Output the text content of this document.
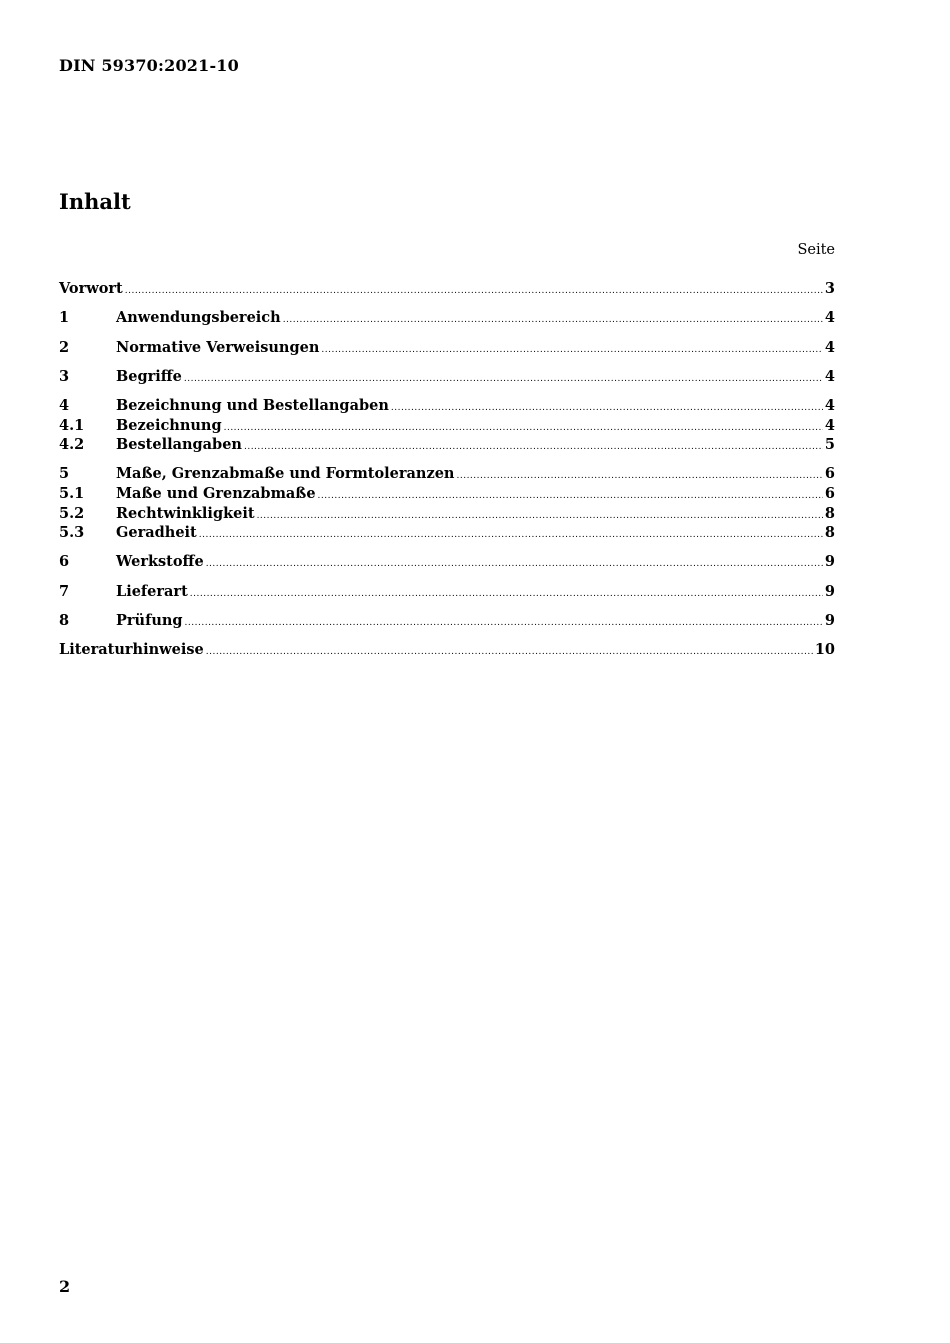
DIN 59370:2021-10
Inhalt
Seite
Vorwort .....	3
1	Anwendungsbereich .....	4
2	Normative Verweisungen .....	4
3	Begriffe .....	4
4	Bezeichnung und Bestellangaben .....	4
4.1	Bezeichnung .....	4
4.2	Bestellangaben .....	5
5	Maße, Grenzabmaße und Formtoleranzen .....	6
5.1	Maße und Grenzabmaße .....	6
5.2	Rechtwinkligkeit .....	8
5.3	Geradheit .....	8
6	Werkstoffe .....	9
7	Lieferart .....	9
8	Prüfung .....	9
Literaturhinweise .....	10
2
